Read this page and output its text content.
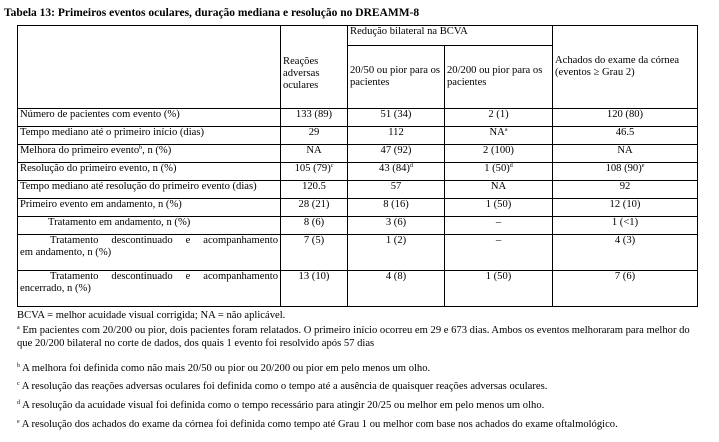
Tabela 13: Primeiros eventos oculares, duração mediana e resolução no DREAMM-8
	Reações adversas oculares	Redução bilateral na BCVA		Achados do exame da córnea (eventos ≥ Grau 2)
		20/50 ou pior para os pacientes	20/200 ou pior para os pacientes	
Número de pacientes com evento (%)	133 (89)	51 (34)	2 (1)	120 (80)
Tempo mediano até o primeiro início (dias)	29	112	$NA^a$	46.5
Melhora do primeiro evento$^b$, n (%)	NA	47 (92)	2 (100)	NA
Resolução do primeiro evento, n (%)	105 $(79)^c$	43 $(84)^d$	1 $(50)^d$	108 $(90)^e$
Tempo mediano até resolução do primeiro evento (dias)	120.5	57	NA	92
Primeiro evento em andamento, n (%)	28 (21)	8 (16)	1 (50)	12 (10)
Tratamento em andamento, n (%)	8 (6)	3 (6)	–	1 (<1)

Tratamento descontinuado e acompanhamento
em andamento, n (%)	7 (5)	1 (2)	–	4 (3)

Tratamento descontinuado e acompanhamento
encerrado, n (%)	13 (10)	4 (8)	1 (50)	7 (6)
BCVA = melhor acuidade visual corrigida; NA = não aplicável.
$^a$ Em pacientes com 20/200 ou pior, dois pacientes foram relatados. O primeiro início ocorreu em 29 e 673 dias. Ambos os eventos melhoraram para melhor do que 20/200 bilateral no corte de dados, dos quais 1 evento foi resolvido após 57 dias
$^b$ A melhora foi definida como não mais 20/50 ou pior ou 20/200 ou pior em pelo menos um olho.
$^c$ A resolução das reações adversas oculares foi definida como o tempo até a ausência de quaisquer reações adversas oculares.
$^d$ A resolução da acuidade visual foi definida como o tempo recessário para atingir 20/25 ou melhor em pelo menos um olho.
$^e$ A resolução dos achados do exame da córnea foi definida como tempo até Grau 1 ou melhor com base nos achados do exame oftalmológico.
